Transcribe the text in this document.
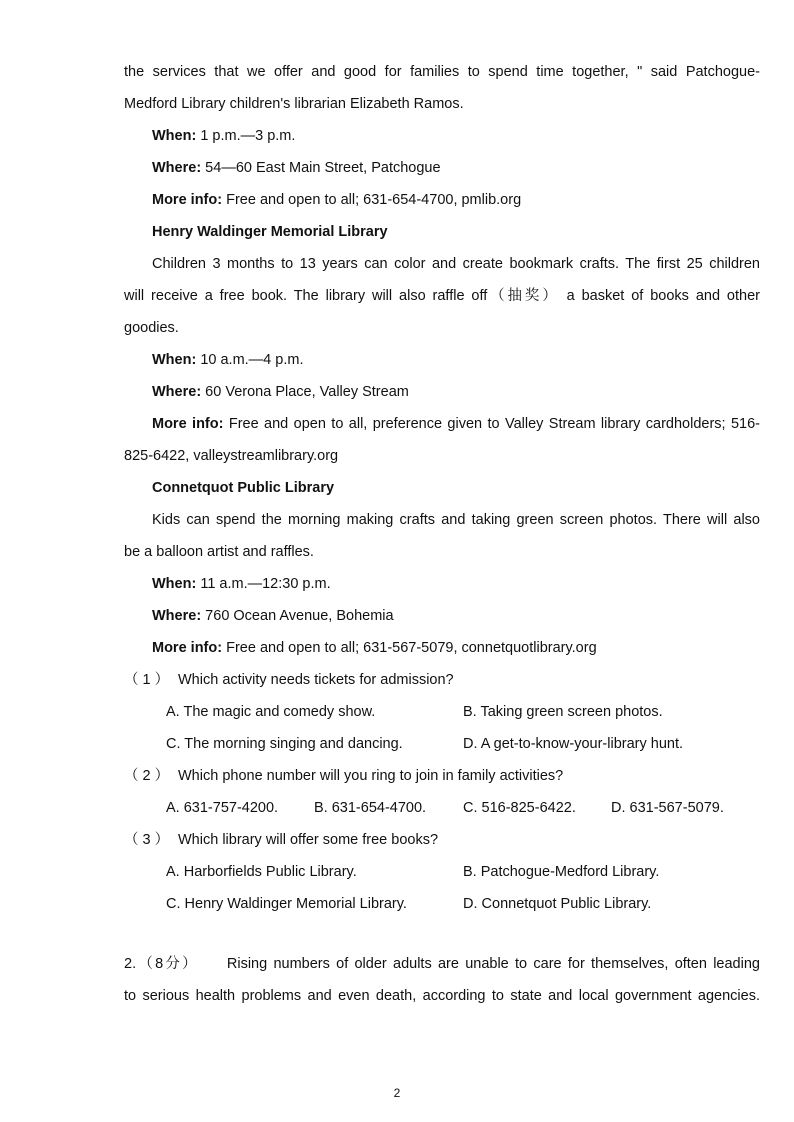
the services that we offer and good for families to spend time together, " said Patchogue-
Medford Library children's librarian Elizabeth Ramos.
When: 1 p.m.—3 p.m.
Where: 54—60 East Main Street, Patchogue
More info: Free and open to all; 631-654-4700, pmlib.org
Henry Waldinger Memorial Library
Children 3 months to 13 years can color and create bookmark crafts. The first 25 children
will receive a free book. The library will also raffle off（抽奖） a basket of books and other
goodies.
When: 10 a.m.—4 p.m.
Where: 60 Verona Place, Valley Stream
More info: Free and open to all, preference given to Valley Stream library cardholders; 516-
825-6422, valleystreamlibrary.org
Connetquot Public Library
Kids can spend the morning making crafts and taking green screen photos. There will also
be a balloon artist and raffles.
When: 11 a.m.—12:30 p.m.
Where: 760 Ocean Avenue, Bohemia
More info: Free and open to all; 631-567-5079, connetquotlibrary.org
（ 1 ） Which activity needs tickets for admission?
A. The magic and comedy show.	B. Taking green screen photos.
C. The morning singing and dancing.	D. A get-to-know-your-library hunt.
（ 2 ） Which phone number will you ring to join in family activities?
A. 631-757-4200.	B. 631-654-4700.	C. 516-825-6422.	D. 631-567-5079.
（ 3 ） Which library will offer some free books?
A. Harborfields Public Library.	B. Patchogue-Medford Library.
C. Henry Waldinger Memorial Library.	D. Connetquot Public Library.
2.（8分） Rising numbers of older adults are unable to care for themselves, often leading
to serious health problems and even death, according to state and local government agencies.
2
